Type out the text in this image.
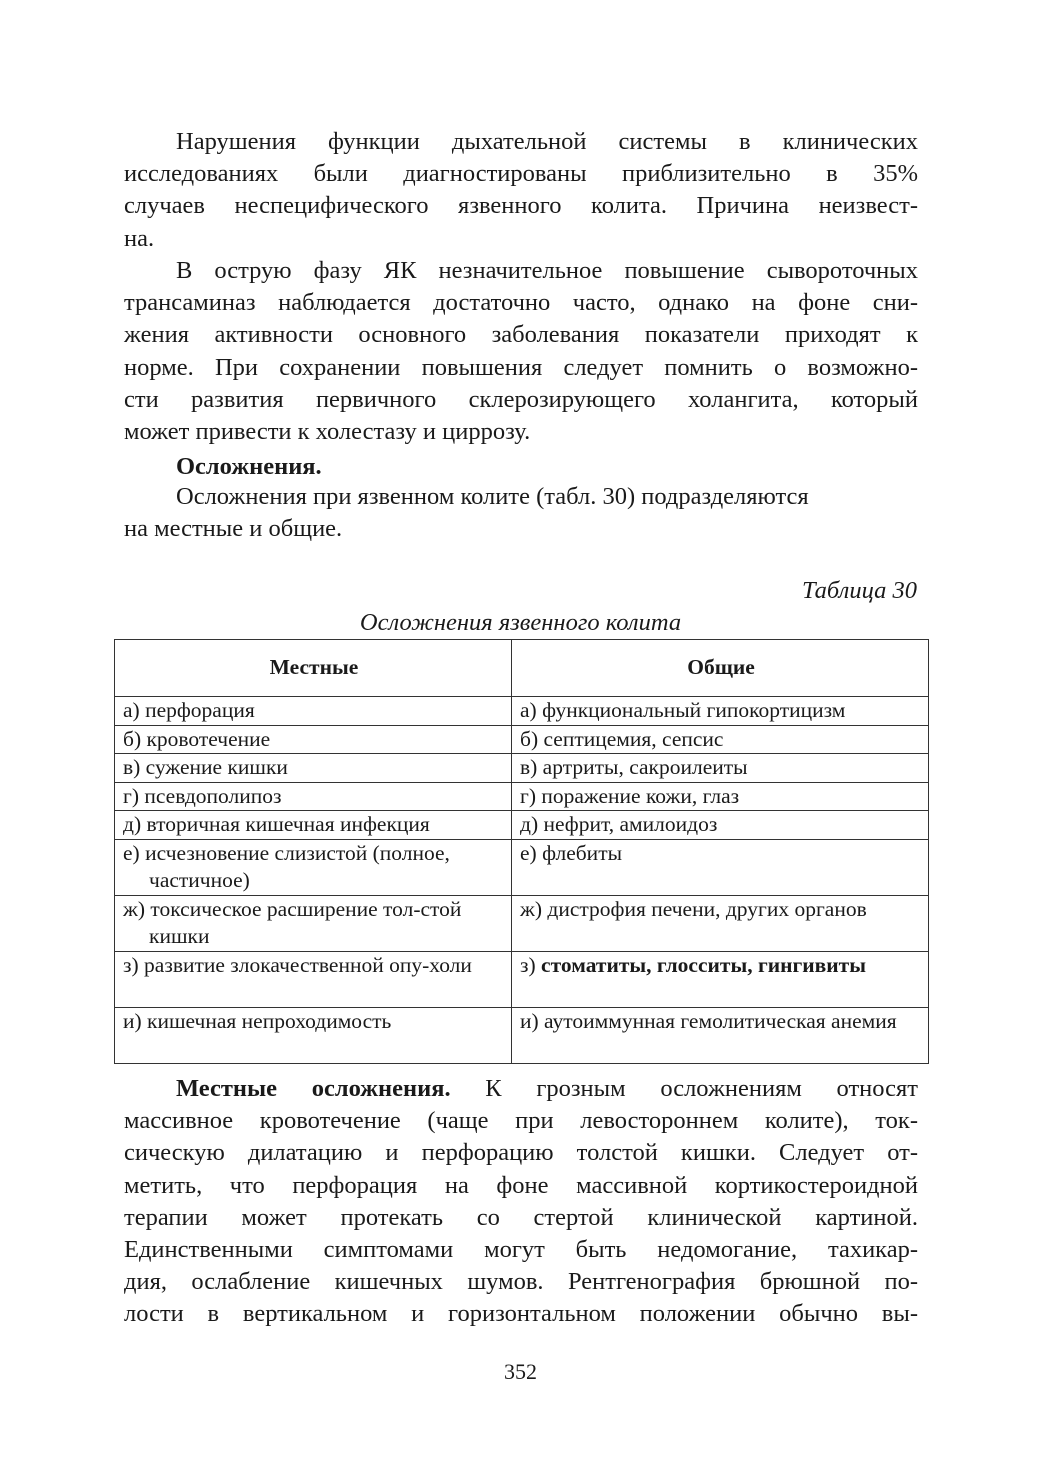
Нарушения функции дыхательной системы в клинических
исследованиях были диагностированы приблизительно в 35%
случаев неспецифического язвенного колита. Причина неизвест-
на.
В острую фазу ЯК незначительное повышение сывороточных
трансаминаз наблюдается достаточно часто, однако на фоне сни-
жения активности основного заболевания показатели приходят к
норме. При сохранении повышения следует помнить о возможно-
сти развития первичного склерозирующего холангита, который
может привести к холестазу и циррозу.
Осложнения.
Осложнения при язвенном колите (табл. 30) подразделяются
на местные и общие.
Таблица 30
Осложнения язвенного колита
Местные	Общие
а) перфорация	а) функциональный гипокортицизм
б) кровотечение	б) септицемия, сепсис
в) сужение кишки	в) артриты, сакроилеиты
г) псевдополипоз	г) поражение кожи, глаз
д) вторичная кишечная инфекция	д) нефрит, амилоидоз

е) исчезновение слизистой (полное, частичное)	е) флебиты

ж) токсическое расширение тол-стой кишки	ж) дистрофия печени, других органов

з) развитие злокачественной опу-холи	з) стоматиты, глосситы, гингивиты
и) кишечная непроходимость	и) аутоиммунная гемолитическая анемия
Местные осложнения. К грозным осложнениям относят
массивное кровотечение (чаще при левостороннем колите), ток-
сическую дилатацию и перфорацию толстой кишки. Следует от-
метить, что перфорация на фоне массивной кортикостероидной
терапии может протекать со стертой клинической картиной.
Единственными симптомами могут быть недомогание, тахикар-
дия, ослабление кишечных шумов. Рентгенография брюшной по-
лости в вертикальном и горизонтальном положении обычно вы-
352
